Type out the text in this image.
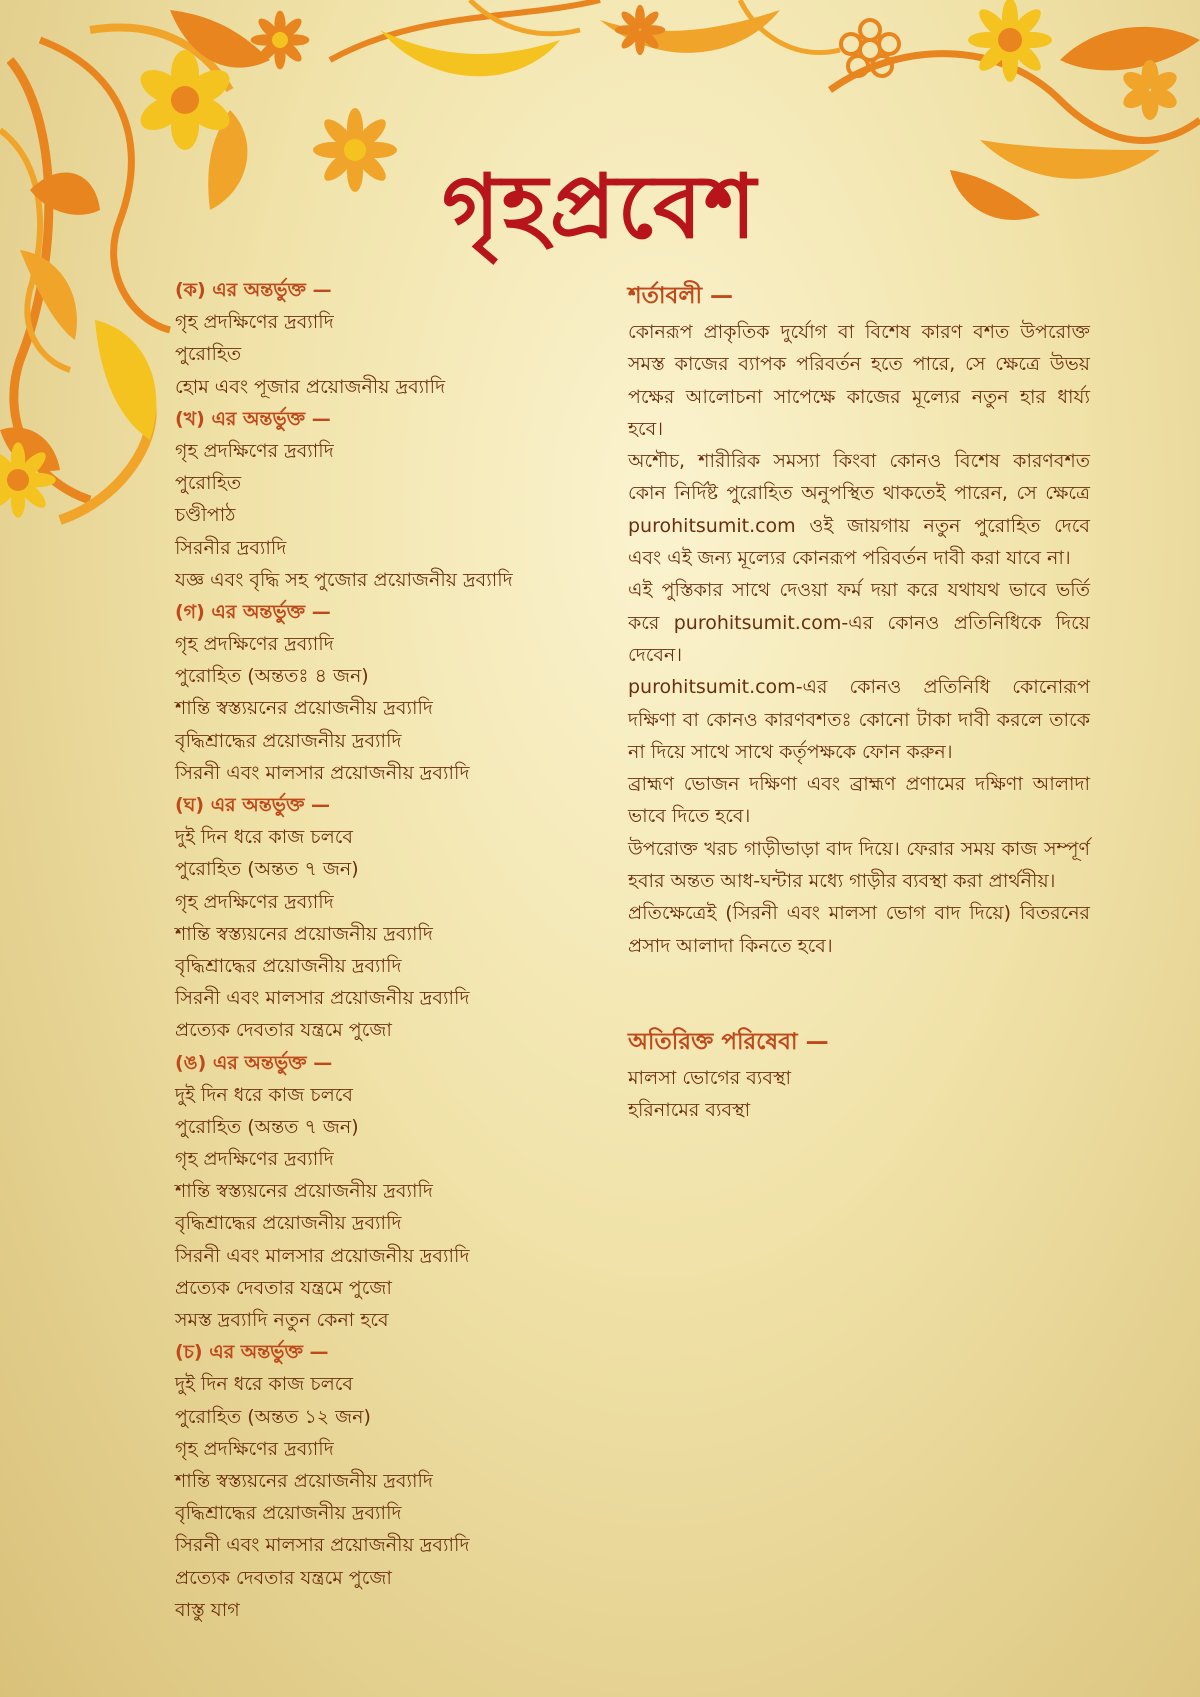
গৃহপ্রবেশ
(ক) এর অন্তর্ভুক্ত —
গৃহ প্রদক্ষিণের দ্রব্যাদি
পুরোহিত
হোম এবং পূজার প্রয়োজনীয় দ্রব্যাদি
(খ) এর অন্তর্ভুক্ত —
গৃহ প্রদক্ষিণের দ্রব্যাদি
পুরোহিত
চণ্ডীপাঠ
সিরনীর দ্রব্যাদি
যজ্ঞ এবং বৃদ্ধি সহ পুজোর প্রয়োজনীয় দ্রব্যাদি
(গ) এর অন্তর্ভুক্ত —
গৃহ প্রদক্ষিণের দ্রব্যাদি
পুরোহিত (অন্ততঃ ৪ জন)
শান্তি স্বস্ত্যয়নের প্রয়োজনীয় দ্রব্যাদি
বৃদ্ধিশ্রাদ্ধের প্রয়োজনীয় দ্রব্যাদি
সিরনী এবং মালসার প্রয়োজনীয় দ্রব্যাদি
(ঘ) এর অন্তর্ভুক্ত —
দুই দিন ধরে কাজ চলবে
পুরোহিত (অন্তত ৭ জন)
গৃহ প্রদক্ষিণের দ্রব্যাদি
শান্তি স্বস্ত্যয়নের প্রয়োজনীয় দ্রব্যাদি
বৃদ্ধিশ্রাদ্ধের প্রয়োজনীয় দ্রব্যাদি
সিরনী এবং মালসার প্রয়োজনীয় দ্রব্যাদি
প্রত্যেক দেবতার যন্ত্রমে পুজো
(ঙ) এর অন্তর্ভুক্ত —
দুই দিন ধরে কাজ চলবে
পুরোহিত (অন্তত ৭ জন)
গৃহ প্রদক্ষিণের দ্রব্যাদি
শান্তি স্বস্ত্যয়নের প্রয়োজনীয় দ্রব্যাদি
বৃদ্ধিশ্রাদ্ধের প্রয়োজনীয় দ্রব্যাদি
সিরনী এবং মালসার প্রয়োজনীয় দ্রব্যাদি
প্রত্যেক দেবতার যন্ত্রমে পুজো
সমস্ত দ্রব্যাদি নতুন কেনা হবে
(চ) এর অন্তর্ভুক্ত —
দুই দিন ধরে কাজ চলবে
পুরোহিত (অন্তত ১২ জন)
গৃহ প্রদক্ষিণের দ্রব্যাদি
শান্তি স্বস্ত্যয়নের প্রয়োজনীয় দ্রব্যাদি
বৃদ্ধিশ্রাদ্ধের প্রয়োজনীয় দ্রব্যাদি
সিরনী এবং মালসার প্রয়োজনীয় দ্রব্যাদি
প্রত্যেক দেবতার যন্ত্রমে পুজো
বাস্তু যাগ
শর্তাবলী —
কোনরূপ প্রাকৃতিক দুর্যোগ বা বিশেষ কারণ বশত উপরোক্ত সমস্ত কাজের ব্যাপক পরিবর্তন হতে পারে, সে ক্ষেত্রে উভয় পক্ষের আলোচনা সাপেক্ষে কাজের মূল্যের নতুন হার ধার্য্য হবে।
অশৌচ, শারীরিক সমস্যা কিংবা কোনও বিশেষ কারণবশত কোন নির্দিষ্ট পুরোহিত অনুপস্থিত থাকতেই পারেন, সে ক্ষেত্রে purohitsumit.com ওই জায়গায় নতুন পুরোহিত দেবে এবং এই জন্য মূল্যের কোনরূপ পরিবর্তন দাবী করা যাবে না।
এই পুস্তিকার সাথে দেওয়া ফর্ম দয়া করে যথাযথ ভাবে ভর্তি করে purohitsumit.com-এর কোনও প্রতিনিধিকে দিয়ে দেবেন।
purohitsumit.com-এর কোনও প্রতিনিধি কোনোরূপ দক্ষিণা বা কোনও কারণবশতঃ কোনো টাকা দাবী করলে তাকে না দিয়ে সাথে সাথে কর্তৃপক্ষকে ফোন করুন।
ব্রাহ্মণ ভোজন দক্ষিণা এবং ব্রাহ্মণ প্রণামের দক্ষিণা আলাদা ভাবে দিতে হবে।
উপরোক্ত খরচ গাড়ীভাড়া বাদ দিয়ে। ফেরার সময় কাজ সম্পূর্ণ হবার অন্তত আধ-ঘন্টার মধ্যে গাড়ীর ব্যবস্থা করা প্রার্থনীয়।
প্রতিক্ষেত্রেই (সিরনী এবং মালসা ভোগ বাদ দিয়ে) বিতরনের প্রসাদ আলাদা কিনতে হবে।
অতিরিক্ত পরিষেবা —
মালসা ভোগের ব্যবস্থা
হরিনামের ব্যবস্থা
